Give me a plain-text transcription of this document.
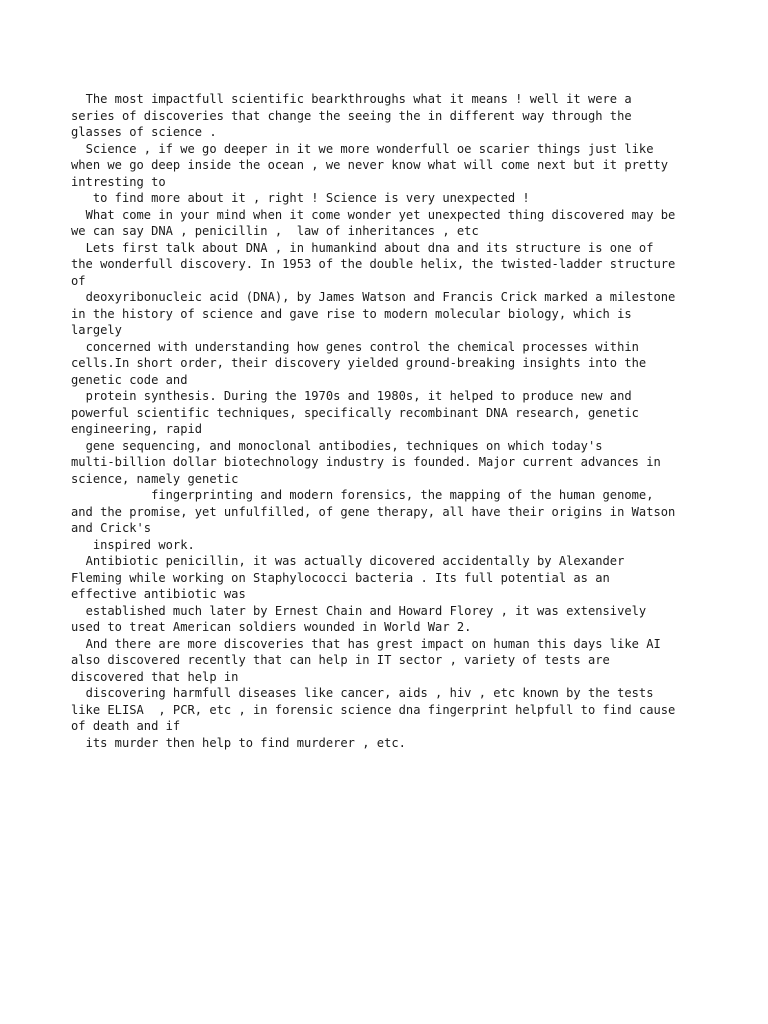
The most impactfull scientific bearkthroughs what it means ! well it were a
series of discoveries that change the seeing the in different way through the
glasses of science .
Science , if we go deeper in it we more wonderfull oe scarier things just like
when we go deep inside the ocean , we never know what will come next but it pretty
intresting to
to find more about it , right ! Science is very unexpected !
What come in your mind when it come wonder yet unexpected thing discovered may be
we can say DNA , penicillin ,  law of inheritances , etc
Lets first talk about DNA , in humankind about dna and its structure is one of
the wonderfull discovery. In 1953 of the double helix, the twisted-ladder structure
of
deoxyribonucleic acid (DNA), by James Watson and Francis Crick marked a milestone
in the history of science and gave rise to modern molecular biology, which is
largely
concerned with understanding how genes control the chemical processes within
cells.In short order, their discovery yielded ground-breaking insights into the
genetic code and
protein synthesis. During the 1970s and 1980s, it helped to produce new and
powerful scientific techniques, specifically recombinant DNA research, genetic
engineering, rapid
gene sequencing, and monoclonal antibodies, techniques on which today's
multi-billion dollar biotechnology industry is founded. Major current advances in
science, namely genetic
fingerprinting and modern forensics, the mapping of the human genome,
and the promise, yet unfulfilled, of gene therapy, all have their origins in Watson
and Crick's
inspired work.
Antibiotic penicillin, it was actually dicovered accidentally by Alexander
Fleming while working on Staphylococci bacteria . Its full potential as an
effective antibiotic was
established much later by Ernest Chain and Howard Florey , it was extensively
used to treat American soldiers wounded in World War 2.
And there are more discoveries that has grest impact on human this days like AI
also discovered recently that can help in IT sector , variety of tests are
discovered that help in
discovering harmfull diseases like cancer, aids , hiv , etc known by the tests
like ELISA  , PCR, etc , in forensic science dna fingerprint helpfull to find cause
of death and if
its murder then help to find murderer , etc.
